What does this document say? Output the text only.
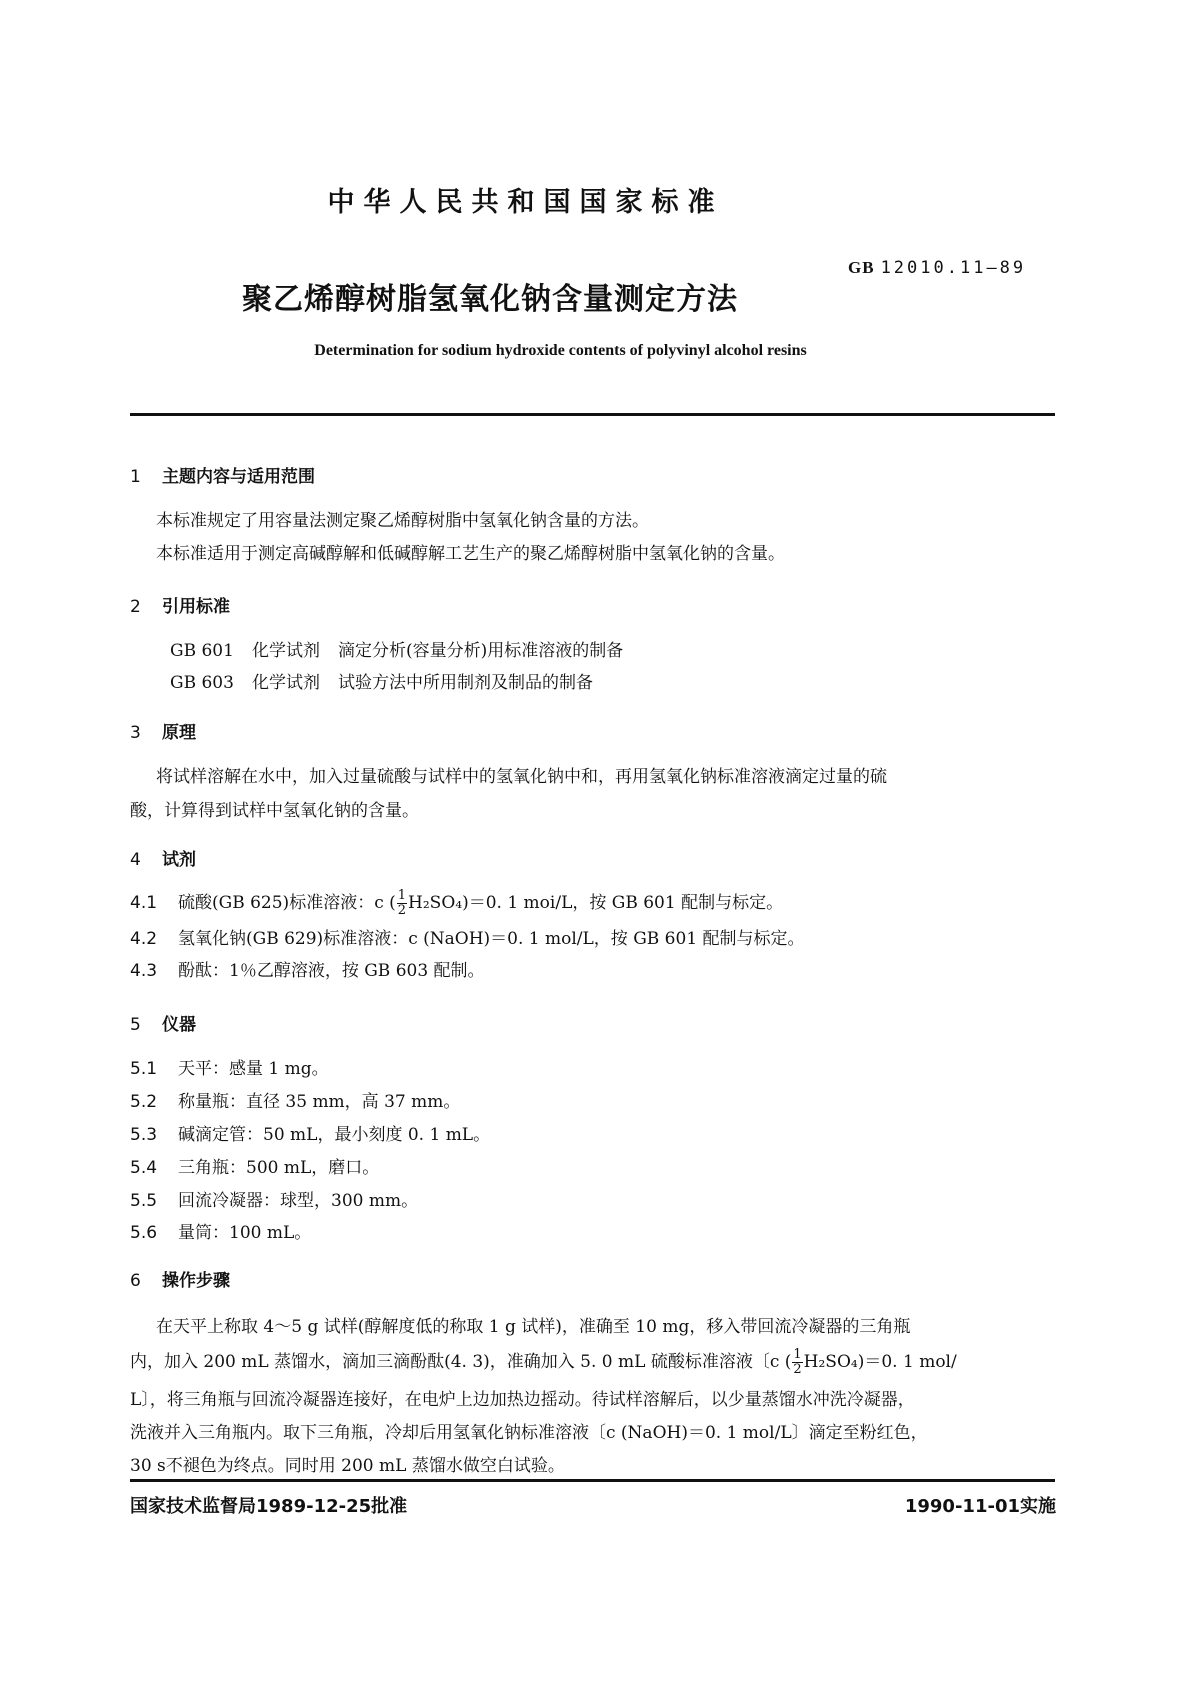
中华人民共和国国家标准
GB 12010.11—89
聚乙烯醇树脂氢氧化钠含量测定方法
Determination for sodium hydroxide contents of polyvinyl alcohol resins
1 主题内容与适用范围
本标准规定了用容量法测定聚乙烯醇树脂中氢氧化钠含量的方法。
本标准适用于测定高碱醇解和低碱醇解工艺生产的聚乙烯醇树脂中氢氧化钠的含量。
2 引用标准
GB 601 化学试剂 滴定分析(容量分析)用标准溶液的制备
GB 603 化学试剂 试验方法中所用制剂及制品的制备
3 原理
将试样溶解在水中，加入过量硫酸与试样中的氢氧化钠中和，再用氢氧化钠标准溶液滴定过量的硫
酸，计算得到试样中氢氧化钠的含量。
4 试剂
4.1 硫酸(GB 625)标准溶液：c ( $\frac{1}{2} H_2SO_4)=0$. 1 moi/L，按 GB 601 配制与标定。
4.2 氢氧化钠(GB 629)标准溶液：c (NaOH)＝0. 1 mol/L，按 GB 601 配制与标定。
4.3 酚酞：1％乙醇溶液，按 GB 603 配制。
5 仪器
5.1 天平：感量 1 mg。
5.2 称量瓶：直径 35 mm，高 37 mm。
5.3 碱滴定管：50 mL，最小刻度 0. 1 mL。
5.4 三角瓶：500 mL，磨口。
5.5 回流冷凝器：球型，300 mm。
5.6 量筒：100 mL。
6 操作步骤
在天平上称取 4～5 g 试样(醇解度低的称取 1 g 试样)，准确至 10 mg，移入带回流冷凝器的三角瓶
内，加入 200 mL 蒸馏水，滴加三滴酚酞(4. 3)，准确加入 5. 0 mL 硫酸标准溶液〔c ( $\frac{1}{2} H_2SO_4)=0$. 1 mol/
L〕，将三角瓶与回流冷凝器连接好，在电炉上边加热边摇动。待试样溶解后，以少量蒸馏水冲洗冷凝器，
洗液并入三角瓶内。取下三角瓶，冷却后用氢氧化钠标准溶液〔c (NaOH)＝0. 1 mol/L〕滴定至粉红色，
30 s不褪色为终点。同时用 200 mL 蒸馏水做空白试验。
国家技术监督局1989-12-25批准	1990-11-01实施
